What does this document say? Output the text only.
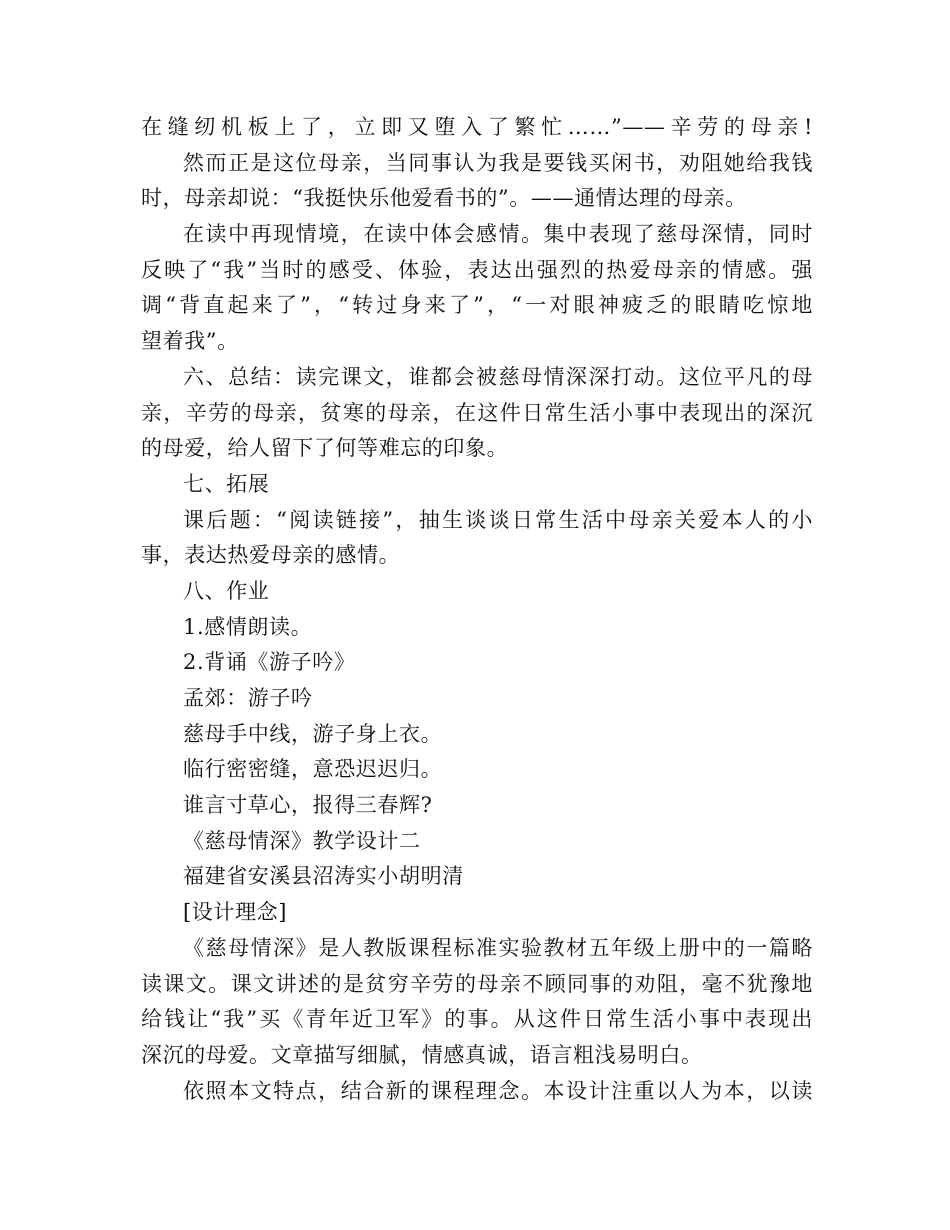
在缝纫机板上了，立即又堕入了繁忙……”——辛劳的母亲!
然而正是这位母亲，当同事认为我是要钱买闲书，劝阻她给我钱
时，母亲却说：“我挺快乐他爱看书的”。——通情达理的母亲。
在读中再现情境，在读中体会感情。集中表现了慈母深情，同时
反映了“我”当时的感受、体验，表达出强烈的热爱母亲的情感。强
调“背直起来了”，“转过身来了”，“一对眼神疲乏的眼睛吃惊地
望着我”。
六、总结：读完课文，谁都会被慈母情深深打动。这位平凡的母
亲，辛劳的母亲，贫寒的母亲，在这件日常生活小事中表现出的深沉
的母爱，给人留下了何等难忘的印象。
七、拓展
课后题：“阅读链接”，抽生谈谈日常生活中母亲关爱本人的小
事，表达热爱母亲的感情。
八、作业
1.感情朗读。
2.背诵《游子吟》
孟郊：游子吟
慈母手中线，游子身上衣。
临行密密缝，意恐迟迟归。
谁言寸草心，报得三春辉?
《慈母情深》教学设计二
福建省安溪县沼涛实小胡明清
[设计理念]
《慈母情深》是人教版课程标准实验教材五年级上册中的一篇略
读课文。课文讲述的是贫穷辛劳的母亲不顾同事的劝阻，毫不犹豫地
给钱让“我”买《青年近卫军》的事。从这件日常生活小事中表现出
深沉的母爱。文章描写细腻，情感真诚，语言粗浅易明白。
依照本文特点，结合新的课程理念。本设计注重以人为本，以读
